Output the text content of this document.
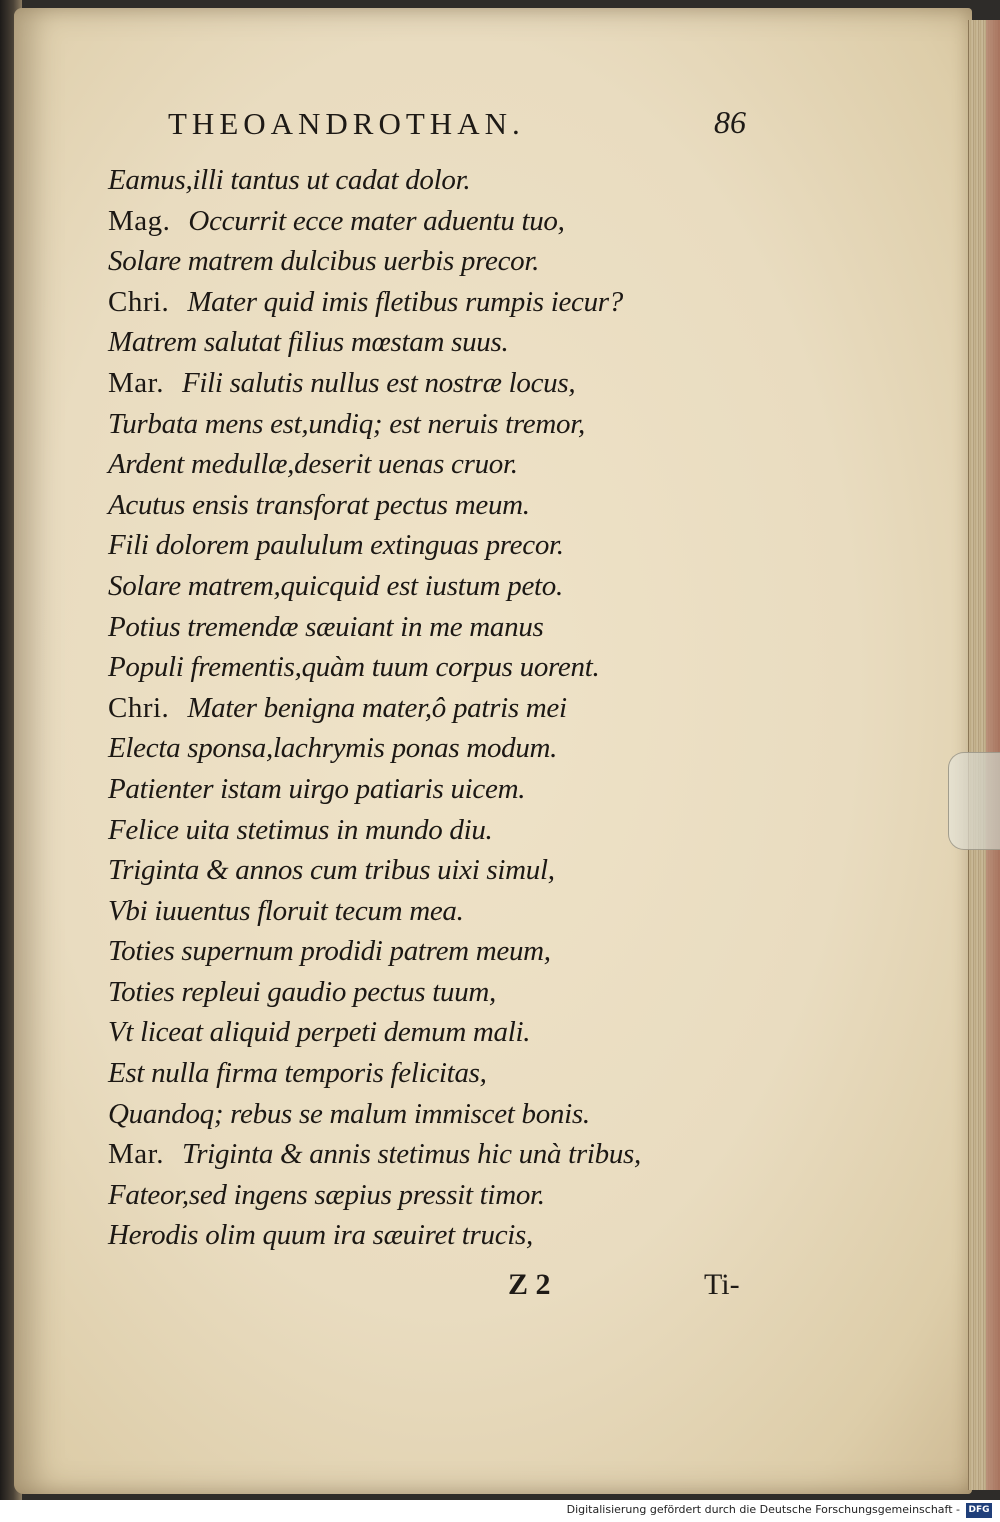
THEOANDROTHAN.	86
Eamus,illi tantus ut cadat dolor.
Mag. Occurrit ecce mater aduentu tuo,
Solare matrem dulcibus uerbis precor.
Chri. Mater quid imis fletibus rumpis iecur?
Matrem salutat filius mœstam suus.
Mar. Fili salutis nullus est nostræ locus,
Turbata mens est,undiq; est neruis tremor,
Ardent medullæ,deserit uenas cruor.
Acutus ensis transforat pectus meum.
Fili dolorem paululum extinguas precor.
Solare matrem,quicquid est iustum peto.
Potius tremendæ sæuiant in me manus
Populi frementis,quàm tuum corpus uorent.
Chri. Mater benigna mater,ô patris mei
Electa sponsa,lachrymis ponas modum.
Patienter istam uirgo patiaris uicem.
Felice uita stetimus in mundo diu.
Triginta & annos cum tribus uixi simul,
Vbi iuuentus floruit tecum mea.
Toties supernum prodidi patrem meum,
Toties repleui gaudio pectus tuum,
Vt liceat aliquid perpeti demum mali.
Est nulla firma temporis felicitas,
Quandoq; rebus se malum immiscet bonis.
Mar. Triginta & annis stetimus hic unà tribus,
Fateor,sed ingens sæpius pressit timor.
Herodis olim quum ira sæuiret trucis,
Z 2	Ti-
Digitalisierung gefördert durch die Deutsche Forschungsgemeinschaft - DFG
